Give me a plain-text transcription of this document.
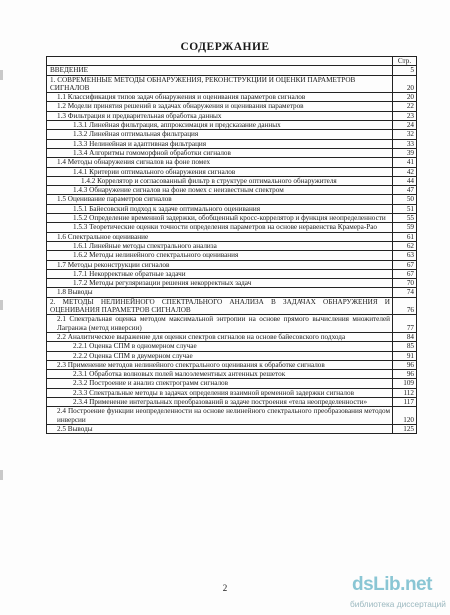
СОДЕРЖАНИЕ
	Стр.
ВВЕДЕНИЕ	5
1. СОВРЕМЕННЫЕ МЕТОДЫ ОБНАРУЖЕНИЯ, РЕКОНСТРУКЦИИ И ОЦЕНКИ ПАРАМЕТРОВ СИГНАЛОВ	20
1.1 Классификация типов задач обнаружения и оценивания параметров сигналов	20
1.2 Модели принятия решений в задачах обнаружения и оценивания параметров	22
1.3 Фильтрация и предварительная обработка данных	23
1.3.1 Линейная фильтрация, аппроксимация и предсказание данных	24
1.3.2 Линейная оптимальная фильтрация	32
1.3.3 Нелинейная и адаптивная фильтрация	33
1.3.4 Алгоритмы гомоморфной обработки сигналов	39
1.4 Методы обнаружения сигналов на фоне помех	41
1.4.1 Критерии оптимального обнаружения сигналов	42
1.4.2 Коррелятор и согласованный фильтр в структуре оптимального обнаружителя	44
1.4.3 Обнаружение сигналов на фоне помех с неизвестным спектром	47
1.5 Оценивание параметров сигналов	50
1.5.1 Байесовский подход к задаче оптимального оценивания	51
1.5.2 Определение временной задержки, обобщенный кросс-коррелятор и функция неопределенности	55
1.5.3 Теоретические оценки точности определения параметров на основе неравенства Крамера-Рао	59
1.6 Спектральное оценивание	61
1.6.1 Линейные методы спектрального анализа	62
1.6.2 Методы нелинейного спектрального оценивания	63
1.7 Методы реконструкции сигналов	67
1.7.1 Некорректные обратные задачи	67
1.7.2 Методы регуляризации решения некорректных задач	70
1.8 Выводы	74
2. МЕТОДЫ НЕЛИНЕЙНОГО СПЕКТРАЛЬНОГО АНАЛИЗА В ЗАДАЧАХ ОБНАРУЖЕНИЯ И ОЦЕНИВАНИЯ ПАРАМЕТРОВ СИГНАЛОВ	76
2.1 Спектральная оценка методом максимальной энтропии на основе прямого вычисления множителей Лагранжа (метод инверсии)	77
2.2 Аналитическое выражение для оценки спектров сигналов на основе байесовского подхода	84
2.2.1 Оценка СПМ в одномерном случае	85
2.2.2 Оценка СПМ в двумерном случае	91
2.3 Применение методов нелинейного спектрального оценивания к обработке сигналов	96
2.3.1 Обработка волновых полей малоэлементных антенных решеток	96
2.3.2 Построение и анализ спектрограмм сигналов	109
2.3.3 Спектральные методы в задачах определения взаимной временной задержки сигналов	112
2.3.4 Применение интегральных преобразований в задаче построения «тела неопределенности»	117
2.4 Построение функции неопределенности на основе нелинейного спектрального преобразования методом инверсии	120
2.5 Выводы	125
2	dsLib.net
библиотека диссертаций
